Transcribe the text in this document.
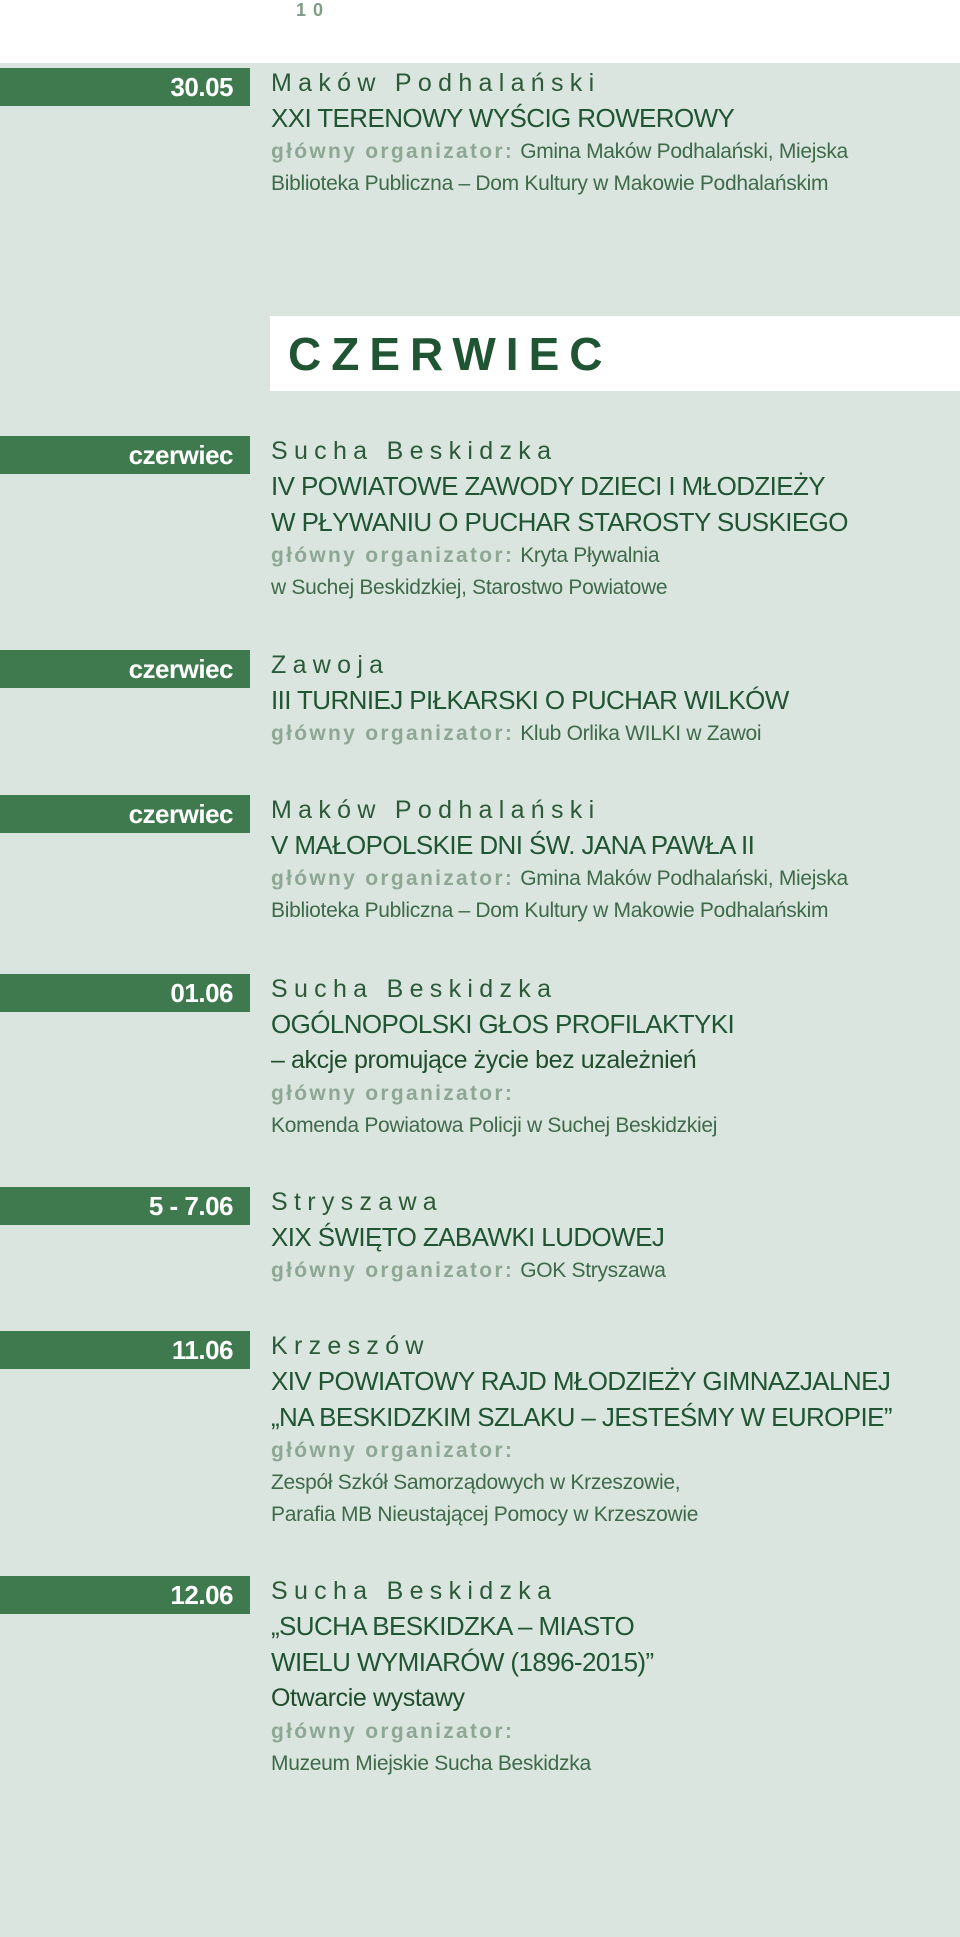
10
30.05	Maków Podhalański
XXI TERENOWY WYŚCIG ROWEROWY
główny organizator: Gmina Maków Podhalański, Miejska
Biblioteka Publiczna – Dom Kultury w Makowie Podhalańskim
CZERWIEC
czerwiec	Sucha Beskidzka
IV POWIATOWE ZAWODY DZIECI I MŁODZIEŻY
W PŁYWANIU O PUCHAR STAROSTY SUSKIEGO
główny organizator: Kryta Pływalnia
w Suchej Beskidzkiej, Starostwo Powiatowe
czerwiec	Zawoja
III TURNIEJ PIŁKARSKI O PUCHAR WILKÓW
główny organizator: Klub Orlika WILKI w Zawoi
czerwiec	Maków Podhalański
V MAŁOPOLSKIE DNI ŚW. JANA PAWŁA II
główny organizator: Gmina Maków Podhalański, Miejska
Biblioteka Publiczna – Dom Kultury w Makowie Podhalańskim
01.06	Sucha Beskidzka
OGÓLNOPOLSKI GŁOS PROFILAKTYKI
– akcje promujące życie bez uzależnień
główny organizator:
Komenda Powiatowa Policji w Suchej Beskidzkiej
5 - 7.06	Stryszawa
XIX ŚWIĘTO ZABAWKI LUDOWEJ
główny organizator: GOK Stryszawa
11.06	Krzeszów
XIV POWIATOWY RAJD MŁODZIEŻY GIMNAZJALNEJ
„NA BESKIDZKIM SZLAKU – JESTEŚMY W EUROPIE”
główny organizator:
Zespół Szkół Samorządowych w Krzeszowie,
Parafia MB Nieustającej Pomocy w Krzeszowie
12.06	Sucha Beskidzka
„SUCHA BESKIDZKA – MIASTO
WIELU WYMIARÓW (1896-2015)”
Otwarcie wystawy
główny organizator:
Muzeum Miejskie Sucha Beskidzka
